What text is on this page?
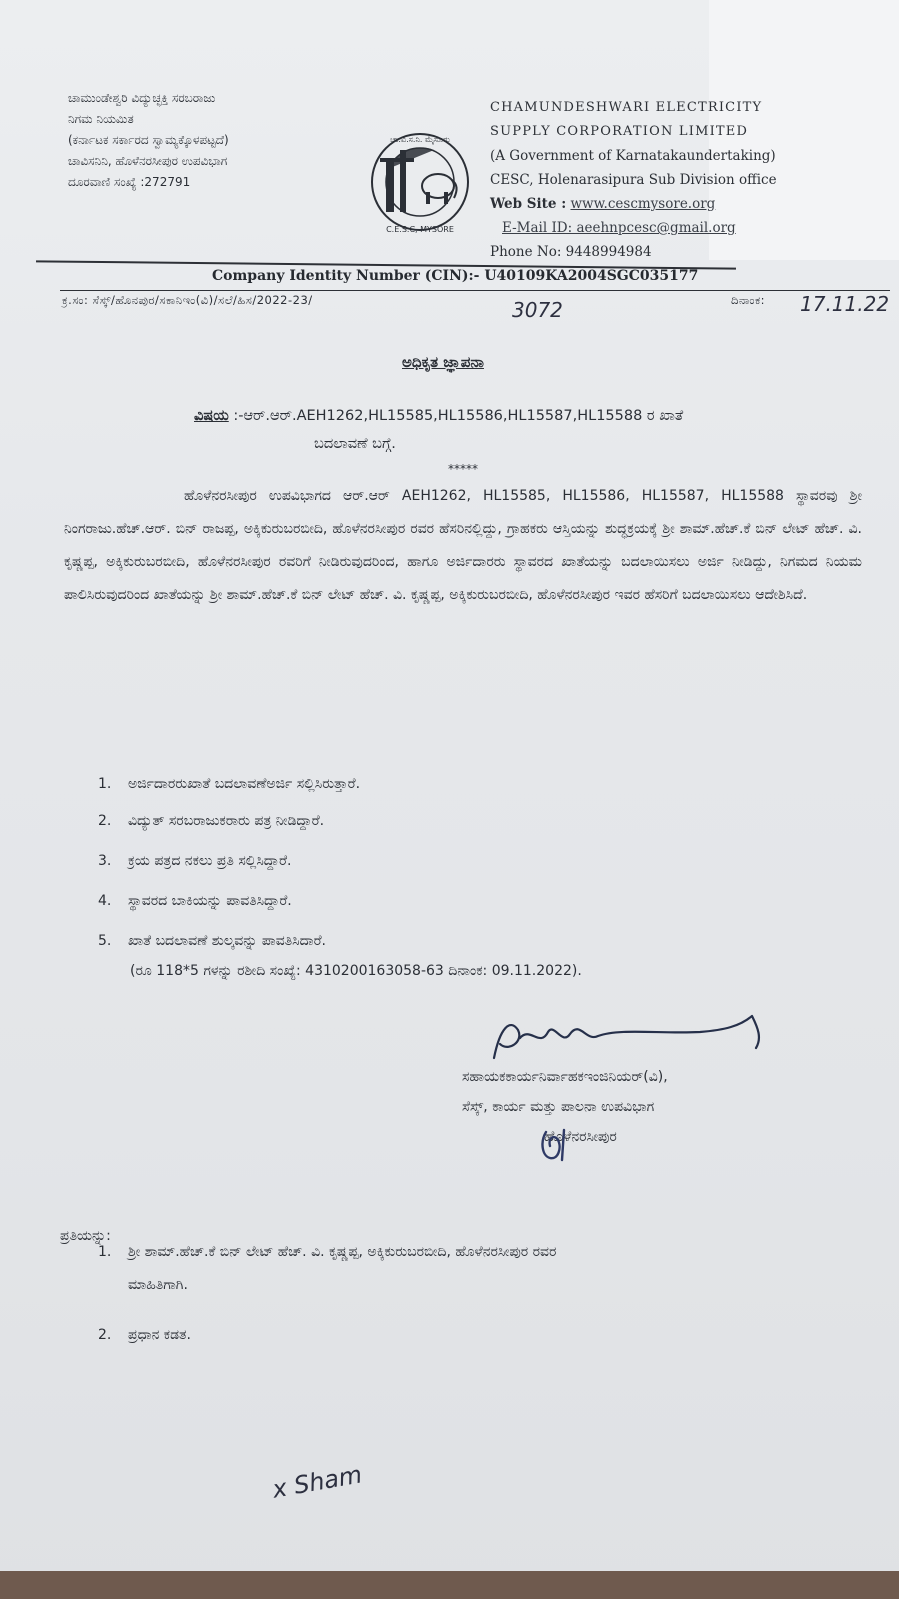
ಚಾಮುಂಡೇಶ್ವರಿ ವಿದ್ಯುಚ್ಛಕ್ತಿ ಸರಬರಾಜು
ನಿಗಮ ನಿಯಮಿತ
(ಕರ್ನಾಟಕ ಸರ್ಕಾರದ ಸ್ವಾಮ್ಯಕ್ಕೊಳಪಟ್ಟದೆ)
ಚಾವಿಸನಿನಿ, ಹೊಳೆನರಸೀಪುರ ಉಪವಿಭಾಗ
ದೂರವಾಣಿ ಸಂಖ್ಯೆ :272791
ಚಾ.ವಿ.ಸ.ನಿ. ಮೈಸೂರು
C.E.S.C, MYSORE
CHAMUNDESHWARI ELECTRICITY
SUPPLY CORPORATION LIMITED
(A Government of Karnatakaundertaking)
CESC, Holenarasipura Sub Division office
Web Site : www.cescmysore.org
E-Mail ID: aeehnpcesc@gmail.org
Phone No: 9448994984
Company Identity Number (CIN):- U40109KA2004SGC035177
ಕ್ರ.ಸಂ: ಸೆಸ್ಕ್/ಹೊನಪುರ/ಸಕಾನಿಇಂ(ವಿ)/ಸಲೆ/ಹಿಸ/2022-23/	3072	ದಿನಾಂಕ: 17.11.22
ಅಧಿಕೃತ ಜ್ಞಾಪನಾ
ವಿಷಯ :-ಆರ್.ಆರ್.AEH1262,HL15585,HL15586,HL15587,HL15588 ರ ಖಾತೆ
ಬದಲಾವಣೆ ಬಗ್ಗೆ.
*****
ಹೊಳೆನರಸೀಪುರ ಉಪವಿಭಾಗದ ಆರ್.ಆರ್ AEH1262, HL15585, HL15586, HL15587, HL15588 ಸ್ಥಾವರವು ಶ್ರೀ ನಿಂಗರಾಜು.ಹೆಚ್.ಆರ್. ಬಿನ್ ರಾಜಪ್ಪ, ಅಕ್ಕಿಕುರುಬರಬೀದಿ, ಹೊಳೆನರಸೀಪುರ ರವರ ಹೆಸರಿನಲ್ಲಿದ್ದು, ಗ್ರಾಹಕರು ಆಸ್ತಿಯನ್ನು ಶುದ್ಧಕ್ರಯಕ್ಕೆ ಶ್ರೀ ಶಾಮ್.ಹೆಚ್.ಕೆ ಬಿನ್ ಲೇಟ್ ಹೆಚ್. ವಿ. ಕೃಷ್ಣಪ್ಪ, ಅಕ್ಕಿಕುರುಬರಬೀದಿ, ಹೊಳೆನರಸೀಪುರ ರವರಿಗೆ ನೀಡಿರುವುದರಿಂದ, ಹಾಗೂ ಅರ್ಜಿದಾರರು ಸ್ಥಾವರದ ಖಾತೆಯನ್ನು ಬದಲಾಯಿಸಲು ಅರ್ಜಿ ನೀಡಿದ್ದು, ನಿಗಮದ ನಿಯಮ ಪಾಲಿಸಿರುವುದರಿಂದ ಖಾತೆಯನ್ನು ಶ್ರೀ ಶಾಮ್.ಹೆಚ್.ಕೆ ಬಿನ್ ಲೇಟ್ ಹೆಚ್. ವಿ. ಕೃಷ್ಣಪ್ಪ, ಅಕ್ಕಿಕುರುಬರಬೀದಿ, ಹೊಳೆನರಸೀಪುರ ಇವರ ಹೆಸರಿಗೆ ಬದಲಾಯಿಸಲು ಆದೇಶಿಸಿದೆ.
1. ಅರ್ಜಿದಾರರುಖಾತೆ ಬದಲಾವಣೆಅರ್ಜಿ ಸಲ್ಲಿಸಿರುತ್ತಾರೆ.
2. ವಿದ್ಯುತ್ ಸರಬರಾಜುಕರಾರು ಪತ್ರ ನೀಡಿದ್ದಾರೆ.
3. ಕ್ರಯ ಪತ್ರದ ನಕಲು ಪ್ರತಿ ಸಲ್ಲಿಸಿದ್ದಾರೆ.
4. ಸ್ಥಾವರದ ಬಾಕಿಯನ್ನು ಪಾವತಿಸಿದ್ದಾರೆ.
5. ಖಾತೆ ಬದಲಾವಣೆ ಶುಲ್ಕವನ್ನು ಪಾವತಿಸಿದಾರೆ.
(ರೂ 118*5 ಗಳನ್ನು ರಶೀದಿ ಸಂಖ್ಯೆ: 4310200163058-63 ದಿನಾಂಕ: 09.11.2022).
ಸಹಾಯಕಕಾರ್ಯನಿರ್ವಾಹಕಇಂಜಿನಿಯರ್(ವಿ),
ಸೆಸ್ಕ್, ಕಾರ್ಯ ಮತ್ತು ಪಾಲನಾ ಉಪವಿಭಾಗ
ಹೊಳೆನರಸೀಪುರ
ಪ್ರತಿಯನ್ನು:
1. ಶ್ರೀ ಶಾಮ್.ಹೆಚ್.ಕೆ ಬಿನ್ ಲೇಟ್ ಹೆಚ್. ವಿ. ಕೃಷ್ಣಪ್ಪ, ಅಕ್ಕಿಕುರುಬರಬೀದಿ, ಹೊಳೆನರಸೀಪುರ ರವರ
ಮಾಹಿತಿಗಾಗಿ.
2. ಪ್ರಧಾನ ಕಡತ.
x Sham
